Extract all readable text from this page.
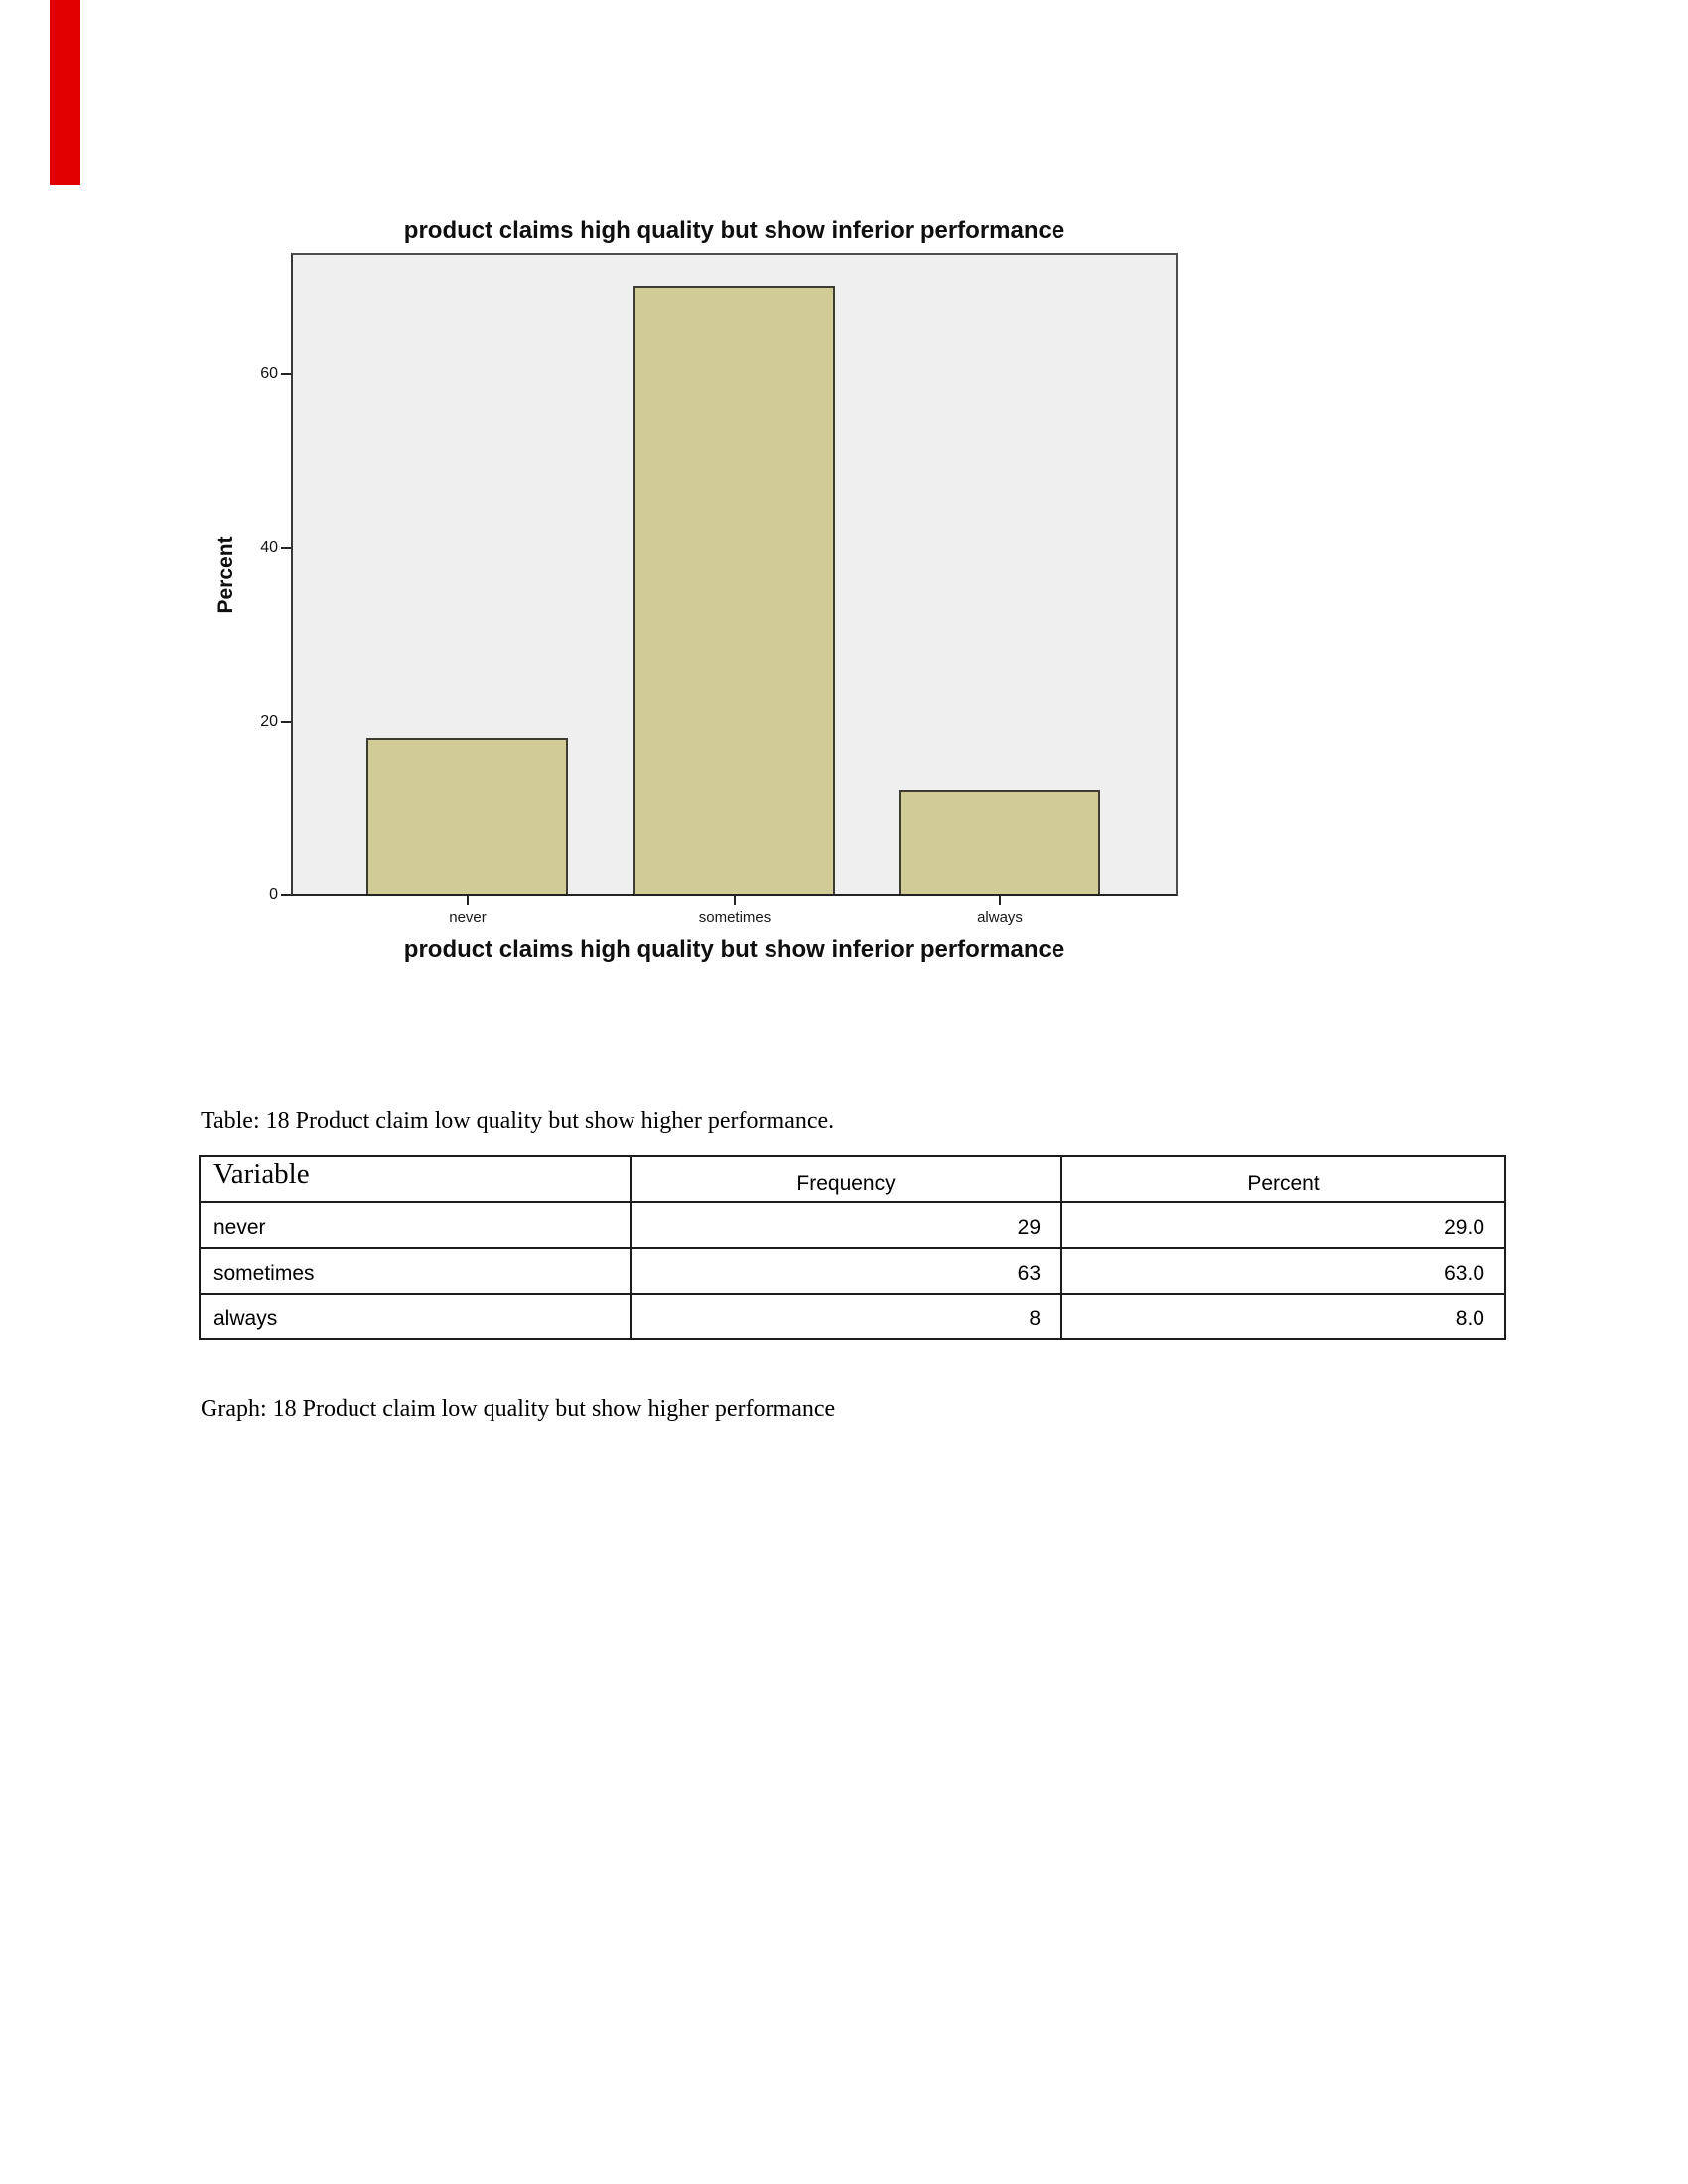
product claims high quality but show inferior performance
Percent
0
20
40
60
never	sometimes	always
product claims high quality but show inferior performance

Table: 18 Product claim low quality but show higher performance.

Variable	Frequency	Percent
never	29	29.0
sometimes	63	63.0
always	8	8.0

Graph: 18 Product claim low quality but show higher performance
